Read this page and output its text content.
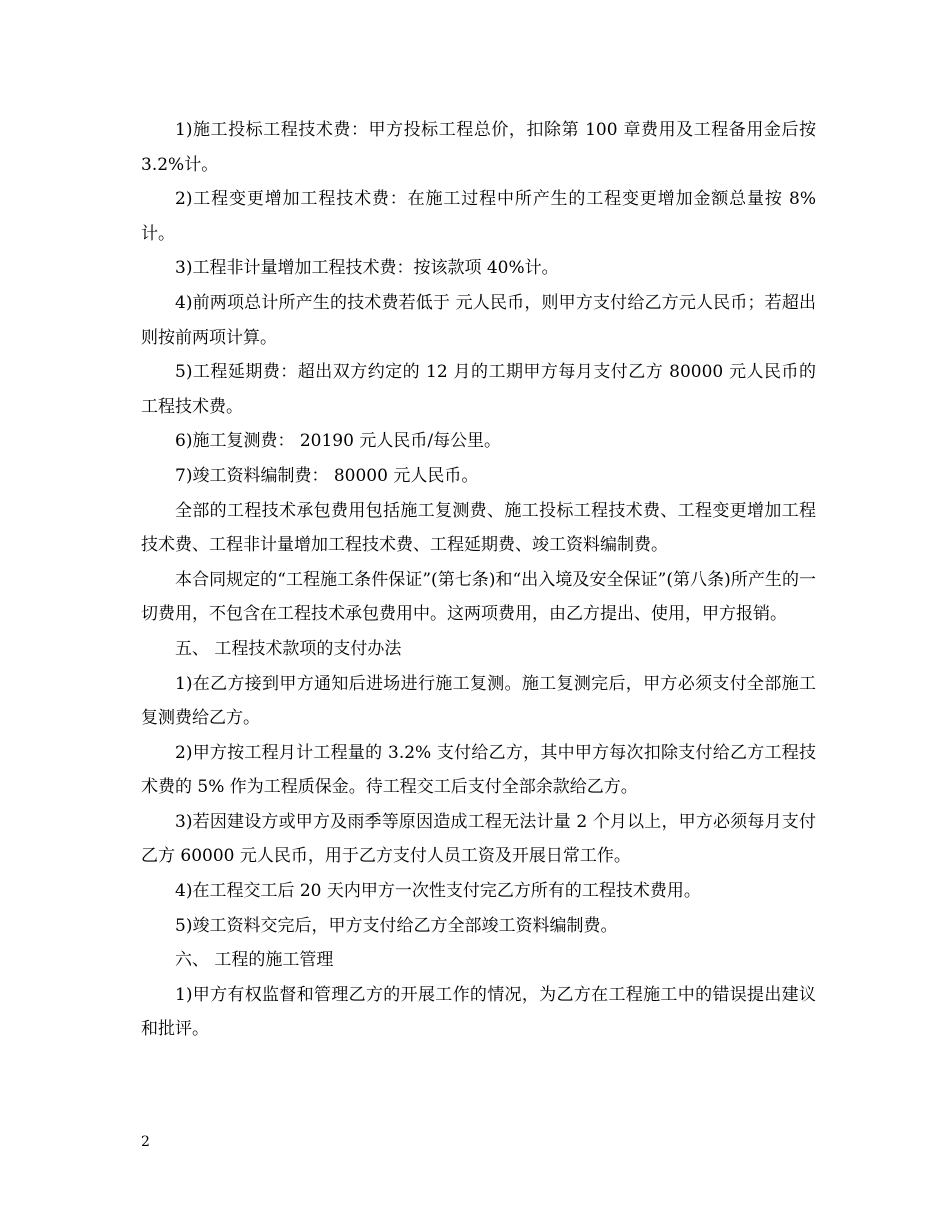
1)施工投标工程技术费：甲方投标工程总价，扣除第 100 章费用及工程备用金后按 3.2%计。

2)工程变更增加工程技术费：在施工过程中所产生的工程变更增加金额总量按 8%计。

3)工程非计量增加工程技术费：按该款项 40%计。

4)前两项总计所产生的技术费若低于 元人民币，则甲方支付给乙方元人民币；若超出则按前两项计算。

5)工程延期费：超出双方约定的 12 月的工期甲方每月支付乙方 80000 元人民币的工程技术费。

6)施工复测费： 20190 元人民币/每公里。

7)竣工资料编制费： 80000 元人民币。

全部的工程技术承包费用包括施工复测费、施工投标工程技术费、工程变更增加工程技术费、工程非计量增加工程技术费、工程延期费、竣工资料编制费。

本合同规定的“工程施工条件保证”(第七条)和“出入境及安全保证”(第八条)所产生的一切费用，不包含在工程技术承包费用中。这两项费用，由乙方提出、使用，甲方报销。

五、 工程技术款项的支付办法

1)在乙方接到甲方通知后进场进行施工复测。施工复测完后，甲方必须支付全部施工复测费给乙方。

2)甲方按工程月计工程量的 3.2% 支付给乙方，其中甲方每次扣除支付给乙方工程技术费的 5% 作为工程质保金。待工程交工后支付全部余款给乙方。

3)若因建设方或甲方及雨季等原因造成工程无法计量 2 个月以上，甲方必须每月支付乙方 60000 元人民币，用于乙方支付人员工资及开展日常工作。

4)在工程交工后 20 天内甲方一次性支付完乙方所有的工程技术费用。

5)竣工资料交完后，甲方支付给乙方全部竣工资料编制费。

六、 工程的施工管理

1)甲方有权监督和管理乙方的开展工作的情况，为乙方在工程施工中的错误提出建议和批评。

2
